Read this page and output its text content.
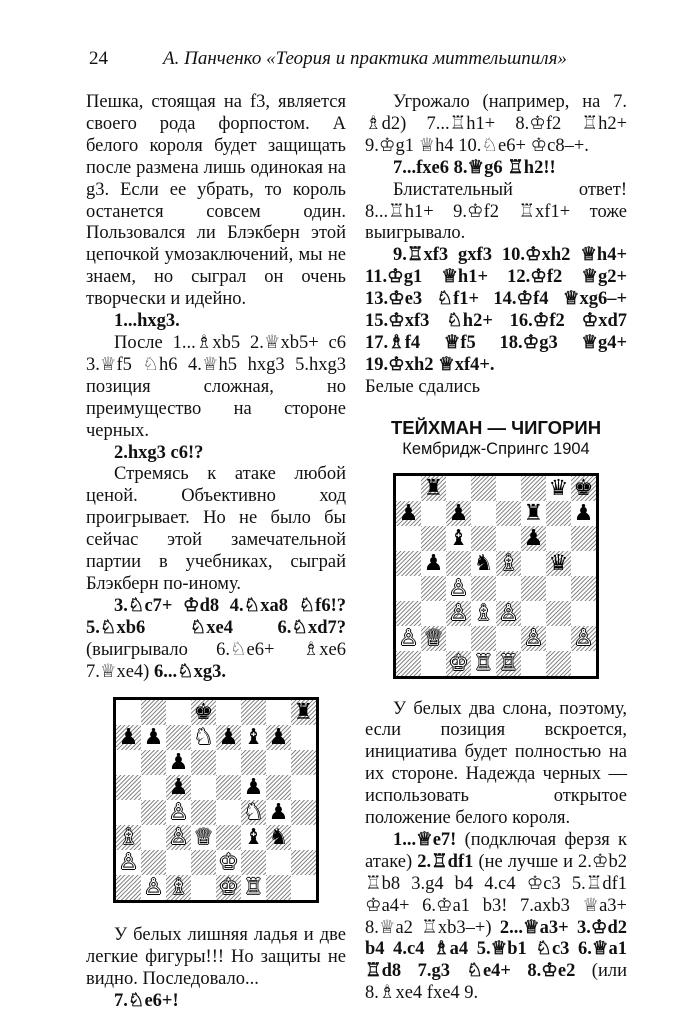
24	А. Панченко «Теория и практика миттельшпиля»

Пешка, стоящая на f3, является своего рода форпостом. А белого короля будет защищать после размена лишь одинокая на g3. Если ее убрать, то король останется совсем один. Пользовался ли Блэкберн этой цепочкой умозаключений, мы не знаем, но сыграл он очень творчески и идейно.

1...hxg3.

После 1...♗xb5 2.♕xb5+ с6 3.♕f5 ♘h6 4.♕h5 hxg3 5.hxg3 позиция сложная, но преимущество на стороне черных.

2.hxg3 c6!?

Стремясь к атаке любой ценой. Объективно ход проигрывает. Но не было бы сейчас этой замечательной партии в учебниках, сыграй Блэкберн по-иному.

3.♘c7+ ♔d8 4.♘xa8 ♘f6!? 5.♘xb6 ♘xe4 6.♘xd7? (выигрывало 6.♘e6+ ♗xe6 7.♕xe4) 6...♘xg3.

♚	♜
♟ ♟ ♞ ♟ ♝ ♟
♟
♟	♟
♙	♞ ♟
♗ ♙ ♕ ♝ ♞
♙	♔
♙ ♗ ♔ ♖

У белых лишняя ладья и две легкие фигуры!!! Но защиты не видно. Последовало...

7.♘e6+!

Угрожало (например, на 7. ♗d2) 7...♖h1+ 8.♔f2 ♖h2+ 9.♔g1 ♕h4 10.♘e6+ ♔c8–+.

7...fxe6 8.♕g6 ♖h2!!

Блистательный ответ! 8...♖h1+ 9.♔f2 ♖xf1+ тоже выигрывало.

9.♖xf3 gxf3 10.♔xh2 ♕h4+ 11.♔g1 ♕h1+ 12.♔f2 ♕g2+ 13.♔e3 ♘f1+ 14.♔f4 ♕xg6–+ 15.♔xf3 ♘h2+ 16.♔f2 ♔xd7 17.♗f4 ♕f5 18.♔g3 ♕g4+ 19.♔xh2 ♕xf4+.

Белые сдались

ТЕЙХМАН — ЧИГОРИН
Кембридж-Спрингс 1904
♜	♛ ♚
♟ ♟	♜ ♟
♝	♟
♟ ♞ ♗ ♛
♙
♙ ♗ ♙
♙ ♕	♙ ♙
♔ ♖ ♖

У белых два слона, поэтому, если позиция вскроется, инициатива будет полностью на их стороне. Надежда черных — использовать открытое положение белого короля.

1...♕e7! (подключая ферзя к атаке) 2.♖df1 (не лучше и 2.♔b2 ♖b8 3.g4 b4 4.c4 ♔c3 5.♖df1 ♔a4+ 6.♔a1 b3! 7.axb3 ♕a3+ 8.♕a2 ♖xb3–+) 2...♕a3+ 3.♔d2 b4 4.c4 ♗a4 5.♕b1 ♘c3 6.♕a1 ♖d8 7.g3 ♘e4+ 8.♔e2 (или 8.♗xe4 fxe4 9.
